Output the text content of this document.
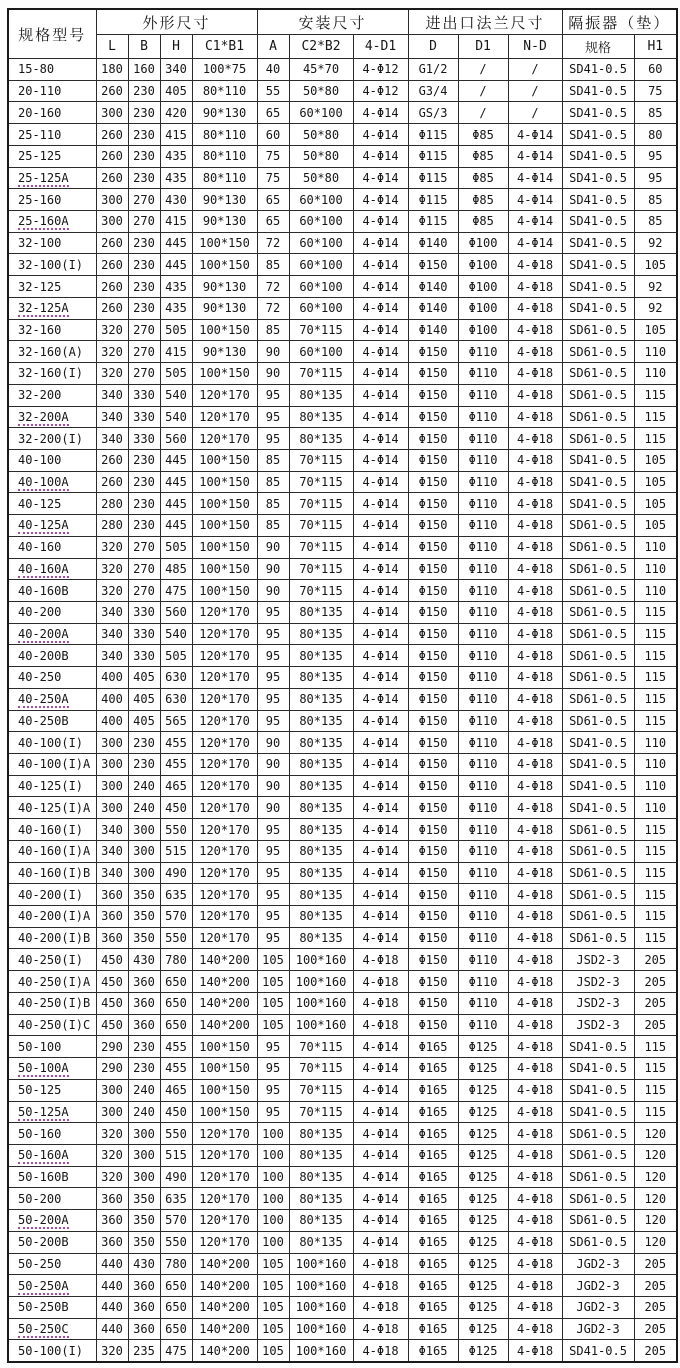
规格型号	外形尺寸				安装尺寸			进出口法兰尺寸			隔振器（垫）	
	L	B	H	C1*B1	A	C2*B2	4-D1	D	D1	N-D	规格	H1
15-80	180	160	340	100*75	40	45*70	4-Φ12	G1/2	/	/	SD41-0.5	60
20-110	260	230	405	80*110	55	50*80	4-Φ12	G3/4	/	/	SD41-0.5	75
20-160	300	230	420	90*130	65	60*100	4-Φ14	GS/3	/	/	SD41-0.5	85
25-110	260	230	415	80*110	60	50*80	4-Φ14	Φ115	Φ85	4-Φ14	SD41-0.5	80
25-125	260	230	435	80*110	75	50*80	4-Φ14	Φ115	Φ85	4-Φ14	SD41-0.5	95
25-125A	260	230	435	80*110	75	50*80	4-Φ14	Φ115	Φ85	4-Φ14	SD41-0.5	95
25-160	300	270	430	90*130	65	60*100	4-Φ14	Φ115	Φ85	4-Φ14	SD41-0.5	85
25-160A	300	270	415	90*130	65	60*100	4-Φ14	Φ115	Φ85	4-Φ14	SD41-0.5	85
32-100	260	230	445	100*150	72	60*100	4-Φ14	Φ140	Φ100	4-Φ14	SD41-0.5	92
32-100(I)	260	230	445	100*150	85	60*100	4-Φ14	Φ150	Φ100	4-Φ18	SD41-0.5	105
32-125	260	230	435	90*130	72	60*100	4-Φ14	Φ140	Φ100	4-Φ18	SD41-0.5	92
32-125A	260	230	435	90*130	72	60*100	4-Φ14	Φ140	Φ100	4-Φ18	SD41-0.5	92
32-160	320	270	505	100*150	85	70*115	4-Φ14	Φ140	Φ100	4-Φ18	SD61-0.5	105
32-160(A)	320	270	415	90*130	90	60*100	4-Φ14	Φ150	Φ110	4-Φ18	SD61-0.5	110
32-160(I)	320	270	505	100*150	90	70*115	4-Φ14	Φ150	Φ110	4-Φ18	SD61-0.5	110
32-200	340	330	540	120*170	95	80*135	4-Φ14	Φ150	Φ110	4-Φ18	SD61-0.5	115
32-200A	340	330	540	120*170	95	80*135	4-Φ14	Φ150	Φ110	4-Φ18	SD61-0.5	115
32-200(I)	340	330	560	120*170	95	80*135	4-Φ14	Φ150	Φ110	4-Φ18	SD61-0.5	115
40-100	260	230	445	100*150	85	70*115	4-Φ14	Φ150	Φ110	4-Φ18	SD41-0.5	105
40-100A	260	230	445	100*150	85	70*115	4-Φ14	Φ150	Φ110	4-Φ18	SD41-0.5	105
40-125	280	230	445	100*150	85	70*115	4-Φ14	Φ150	Φ110	4-Φ18	SD41-0.5	105
40-125A	280	230	445	100*150	85	70*115	4-Φ14	Φ150	Φ110	4-Φ18	SD61-0.5	105
40-160	320	270	505	100*150	90	70*115	4-Φ14	Φ150	Φ110	4-Φ18	SD61-0.5	110
40-160A	320	270	485	100*150	90	70*115	4-Φ14	Φ150	Φ110	4-Φ18	SD61-0.5	110
40-160B	320	270	475	100*150	90	70*115	4-Φ14	Φ150	Φ110	4-Φ18	SD61-0.5	110
40-200	340	330	560	120*170	95	80*135	4-Φ14	Φ150	Φ110	4-Φ18	SD61-0.5	115
40-200A	340	330	540	120*170	95	80*135	4-Φ14	Φ150	Φ110	4-Φ18	SD61-0.5	115
40-200B	340	330	505	120*170	95	80*135	4-Φ14	Φ150	Φ110	4-Φ18	SD61-0.5	115
40-250	400	405	630	120*170	95	80*135	4-Φ14	Φ150	Φ110	4-Φ18	SD61-0.5	115
40-250A	400	405	630	120*170	95	80*135	4-Φ14	Φ150	Φ110	4-Φ18	SD61-0.5	115
40-250B	400	405	565	120*170	95	80*135	4-Φ14	Φ150	Φ110	4-Φ18	SD61-0.5	115
40-100(I)	300	230	455	120*170	90	80*135	4-Φ14	Φ150	Φ110	4-Φ18	SD41-0.5	110
40-100(I)A	300	230	455	120*170	90	80*135	4-Φ14	Φ150	Φ110	4-Φ18	SD41-0.5	110
40-125(I)	300	240	465	120*170	90	80*135	4-Φ14	Φ150	Φ110	4-Φ18	SD41-0.5	110
40-125(I)A	300	240	450	120*170	90	80*135	4-Φ14	Φ150	Φ110	4-Φ18	SD41-0.5	110
40-160(I)	340	300	550	120*170	95	80*135	4-Φ14	Φ150	Φ110	4-Φ18	SD61-0.5	115
40-160(I)A	340	300	515	120*170	95	80*135	4-Φ14	Φ150	Φ110	4-Φ18	SD61-0.5	115
40-160(I)B	340	300	490	120*170	95	80*135	4-Φ14	Φ150	Φ110	4-Φ18	SD61-0.5	115
40-200(I)	360	350	635	120*170	95	80*135	4-Φ14	Φ150	Φ110	4-Φ18	SD61-0.5	115
40-200(I)A	360	350	570	120*170	95	80*135	4-Φ14	Φ150	Φ110	4-Φ18	SD61-0.5	115
40-200(I)B	360	350	550	120*170	95	80*135	4-Φ14	Φ150	Φ110	4-Φ18	SD61-0.5	115
40-250(I)	450	430	780	140*200	105	100*160	4-Φ18	Φ150	Φ110	4-Φ18	JSD2-3	205
40-250(I)A	450	360	650	140*200	105	100*160	4-Φ18	Φ150	Φ110	4-Φ18	JSD2-3	205
40-250(I)B	450	360	650	140*200	105	100*160	4-Φ18	Φ150	Φ110	4-Φ18	JSD2-3	205
40-250(I)C	450	360	650	140*200	105	100*160	4-Φ18	Φ150	Φ110	4-Φ18	JSD2-3	205
50-100	290	230	455	100*150	95	70*115	4-Φ14	Φ165	Φ125	4-Φ18	SD41-0.5	115
50-100A	290	230	455	100*150	95	70*115	4-Φ14	Φ165	Φ125	4-Φ18	SD41-0.5	115
50-125	300	240	465	100*150	95	70*115	4-Φ14	Φ165	Φ125	4-Φ18	SD41-0.5	115
50-125A	300	240	450	100*150	95	70*115	4-Φ14	Φ165	Φ125	4-Φ18	SD41-0.5	115
50-160	320	300	550	120*170	100	80*135	4-Φ14	Φ165	Φ125	4-Φ18	SD61-0.5	120
50-160A	320	300	515	120*170	100	80*135	4-Φ14	Φ165	Φ125	4-Φ18	SD61-0.5	120
50-160B	320	300	490	120*170	100	80*135	4-Φ14	Φ165	Φ125	4-Φ18	SD61-0.5	120
50-200	360	350	635	120*170	100	80*135	4-Φ14	Φ165	Φ125	4-Φ18	SD61-0.5	120
50-200A	360	350	570	120*170	100	80*135	4-Φ14	Φ165	Φ125	4-Φ18	SD61-0.5	120
50-200B	360	350	550	120*170	100	80*135	4-Φ14	Φ165	Φ125	4-Φ18	SD61-0.5	120
50-250	440	430	780	140*200	105	100*160	4-Φ18	Φ165	Φ125	4-Φ18	JGD2-3	205
50-250A	440	360	650	140*200	105	100*160	4-Φ18	Φ165	Φ125	4-Φ18	JGD2-3	205
50-250B	440	360	650	140*200	105	100*160	4-Φ18	Φ165	Φ125	4-Φ18	JGD2-3	205
50-250C	440	360	650	140*200	105	100*160	4-Φ18	Φ165	Φ125	4-Φ18	JGD2-3	205
50-100(I)	320	235	475	140*200	105	100*160	4-Φ18	Φ165	Φ125	4-Φ18	SD41-0.5	205
